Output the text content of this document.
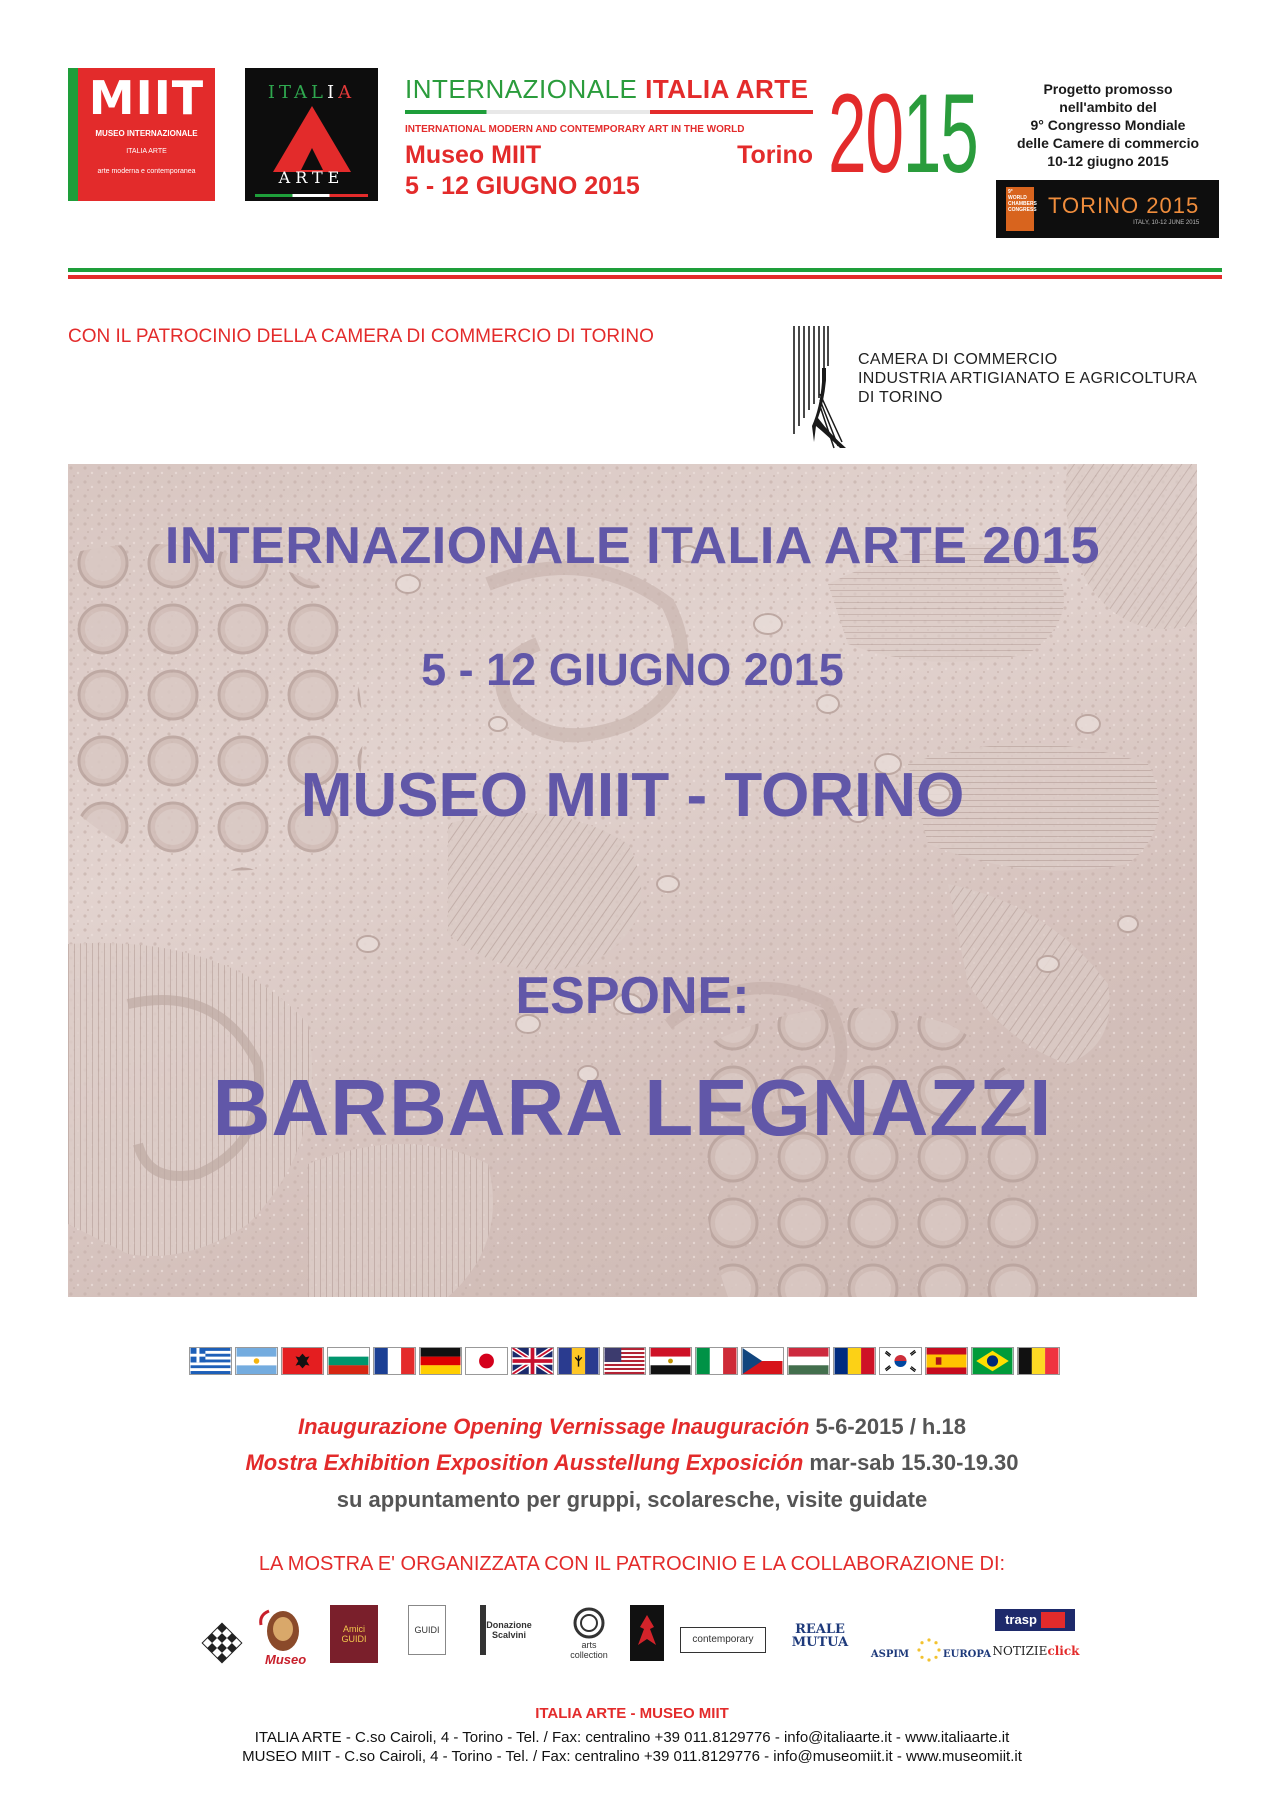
MIIT
MUSEO INTERNAZIONALE
ITALIA ARTE
arte moderna e contemporanea
ITALIA
ARTE
INTERNAZIONALE ITALIA ARTE
INTERNATIONAL MODERN AND CONTEMPORARY ART IN THE WORLD
Museo MIIT	Torino
5 - 12 GIUGNO 2015	2015	Progetto promosso
nell'ambito del
9° Congresso Mondiale
delle Camere di commercio
10-12 giugno 2015
9° WORLD CHAMBERS CONGRESS TORINO 2015
ITALY, 10-12 JUNE 2015
CON IL PATROCINIO DELLA CAMERA DI COMMERCIO DI TORINO
CAMERA DI COMMERCIO
INDUSTRIA ARTIGIANATO E AGRICOLTURA
DI TORINO
INTERNAZIONALE ITALIA ARTE 2015
5 - 12 GIUGNO 2015
MUSEO MIIT - TORINO
ESPONE:
BARBARA LEGNAZZI
Inaugurazione Opening Vernissage Inauguración 5-6-2015 / h.18
Mostra Exhibition Exposition Ausstellung Exposición mar-sab 15.30-19.30
su appuntamento per gruppi, scolaresche, visite guidate
LA MOSTRA E' ORGANIZZATA CON IL PATROCINIO E LA COLLABORAZIONE DI:
Museo
Amici GUIDI
GUIDI	Donazione Scalvini
arts collection
contemporary
REALE MUTUA
ASPIM	EUROPA
trasp
NOTIZIE click
ITALIA ARTE - MUSEO MIIT
ITALIA ARTE - C.so Cairoli, 4 - Torino - Tel. / Fax: centralino +39 011.8129776 - info@italiaarte.it - www.italiaarte.it
MUSEO MIIT - C.so Cairoli, 4 - Torino - Tel. / Fax: centralino +39 011.8129776 - info@museomiit.it - www.museomiit.it
